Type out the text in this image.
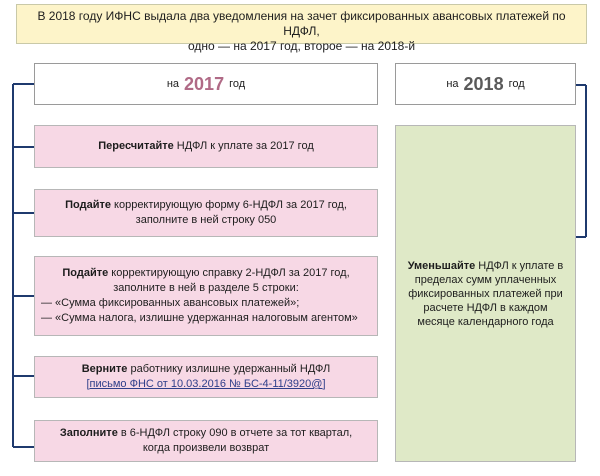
В 2018 году ИФНС выдала два уведомления на зачет фиксированных авансовых платежей по НДФЛ,
одно — на 2017 год, второе — на 2018-й
на 2017 год	на 2018 год
Пересчитайте НДФЛ к уплате за 2017 год
Подайте корректирующую форму 6-НДФЛ за 2017 год,
заполните в ней строку 050
Подайте корректирующую справку 2-НДФЛ за 2017 год,
заполните в ней в разделе 5 строки:
— «Сумма фиксированных авансовых платежей»;
— «Сумма налога, излишне удержанная налоговым агентом»
Верните работнику излишне удержанный НДФЛ
[письмо ФНС от 10.03.2016 № БС-4-11/3920@]
Заполните в 6-НДФЛ строку 090 в отчете за тот квартал,
когда произвели возврат
Уменьшайте НДФЛ к уплате в пределах сумм уплаченных фиксированных платежей при расчете НДФЛ в каждом месяце календарного года
